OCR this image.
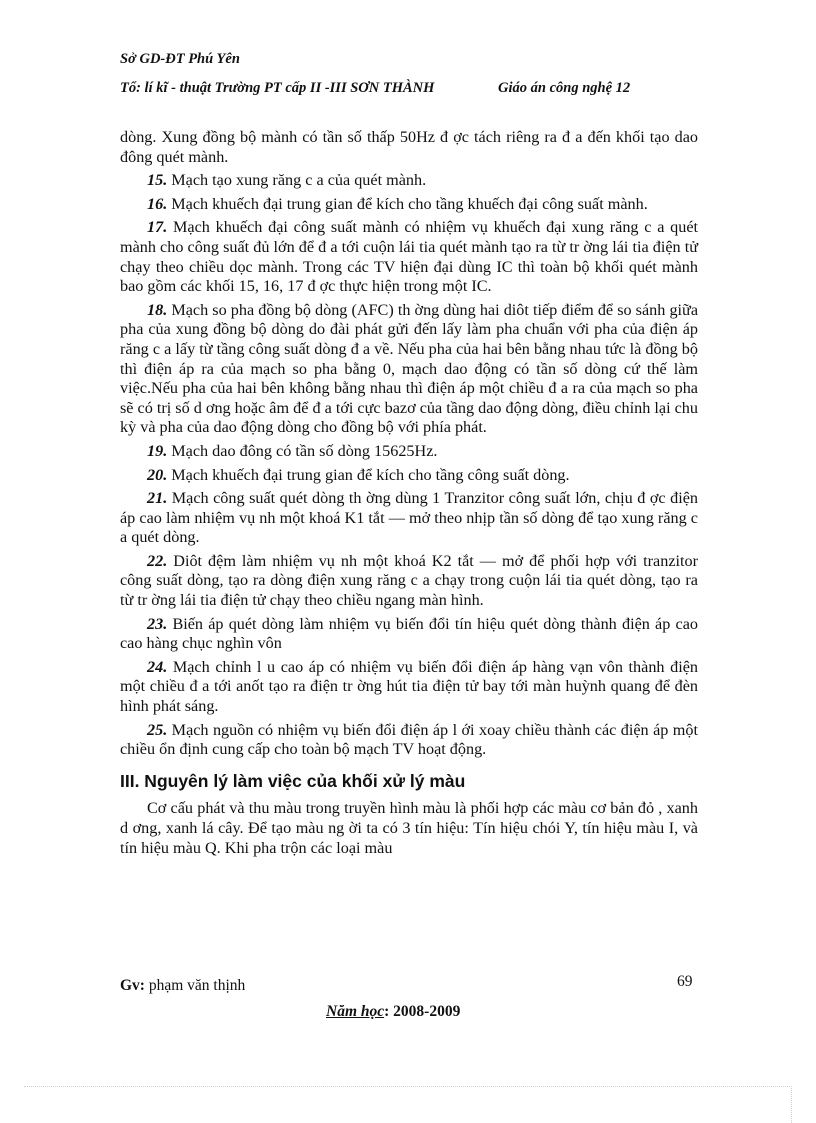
Sở GD-ĐT Phú Yên
Tổ: lí kĩ - thuật Trường PT cấp II -III SƠN THÀNH	Giáo án công nghệ 12

dòng. Xung đồng bộ mành có tần số thấp 50Hz đ ợc tách riêng ra đ a đến khối tạo dao đông quét mành.

15. Mạch tạo xung răng c a của quét mành.

16. Mạch khuếch đại trung gian để kích cho tầng khuếch đại công suất mành.

17. Mạch khuếch đại công suất mành có nhiệm vụ khuếch đại xung răng c a quét mành cho công suất đủ lớn để đ a tới cuộn lái tia quét mành tạo ra từ tr ờng lái tia điện tử chạy theo chiều dọc mành. Trong các TV hiện đại dùng IC thì toàn bộ khối quét mành bao gồm các khối 15, 16, 17 đ ợc thực hiện trong một IC.

18. Mạch so pha đồng bộ dòng (AFC) th ờng dùng hai diôt tiếp điểm để so sánh giữa pha của xung đồng bộ dòng do đài phát gửi đến lấy làm pha chuẩn với pha của điện áp răng c a lấy từ tầng công suất dòng đ a về. Nếu pha của hai bên bằng nhau tức là đồng bộ thì điện áp ra của mạch so pha bằng 0, mạch dao động có tần số dòng cứ thế làm việc.Nếu pha của hai bên không bằng nhau thì điện áp một chiều đ a ra của mạch so pha sẽ có trị số d ơng hoặc âm để đ a tới cực bazơ của tầng dao động dòng, điều chỉnh lại chu kỳ và pha của dao động dòng cho đồng bộ với phía phát.

19. Mạch dao đông có tần số dòng 15625Hz.

20. Mạch khuếch đại trung gian để kích cho tầng công suất dòng.

21. Mạch công suất quét dòng th ờng dùng 1 Tranzitor công suất lớn, chịu đ ợc điện áp cao làm nhiệm vụ nh một khoá K1 tắt — mở theo nhịp tần số dòng để tạo xung răng c a quét dòng.

22. Diôt đệm làm nhiệm vụ nh một khoá K2 tắt — mở để phối hợp với tranzitor công suất dòng, tạo ra dòng điện xung răng c a chạy trong cuộn lái tia quét dòng, tạo ra từ tr ờng lái tia điện tử chạy theo chiều ngang màn hình.

23. Biến áp quét dòng làm nhiệm vụ biến đổi tín hiệu quét dòng thành điện áp cao cao hàng chục nghìn vôn

24. Mạch chỉnh l u cao áp có nhiệm vụ biến đổi điện áp hàng vạn vôn thành điện một chiều đ a tới anốt tạo ra điện tr ờng hút tia điện tử bay tới màn huỳnh quang để đèn hình phát sáng.

25. Mạch nguồn có nhiệm vụ biến đổi điện áp l ới xoay chiều thành các điện áp một chiều ổn định cung cấp cho toàn bộ mạch TV hoạt động.

III. Nguyên lý làm việc của khối xử lý màu

Cơ cấu phát và thu màu trong truyền hình màu là phối hợp các màu cơ bản đỏ , xanh d ơng, xanh lá cây. Để tạo màu ng ời ta có 3 tín hiệu: Tín hiệu chói Y, tín hiệu màu I, và tín hiệu màu Q. Khi pha trộn các loại màu

Gv: phạm văn thịnh	69
Năm học: 2008-2009
